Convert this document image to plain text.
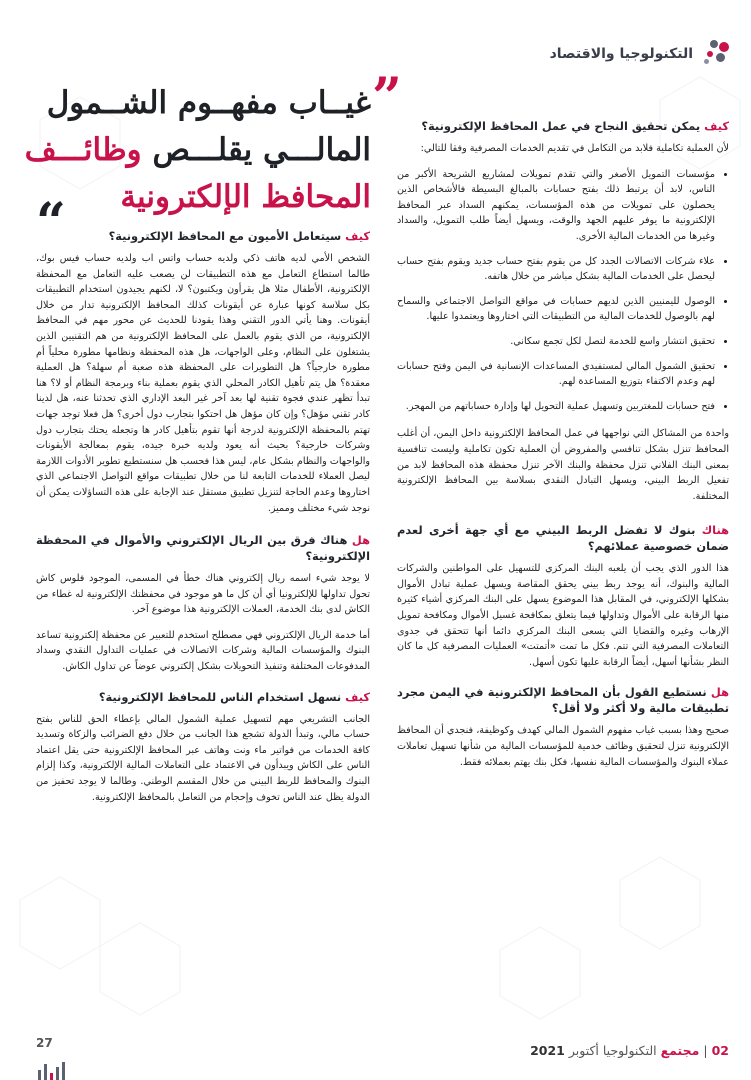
التكنولوجيا والاقتصاد
”
غيــاب مفهــوم الشــمول
المالـــي يقلـــص وظائـــف
المحافظ الإلكترونية
“
كيف يمكن تحقيق النجاح في عمل المحافظ الإلكترونية؟
لأن العملية تكاملية فلابد من التكامل في تقديم الخدمات المصرفية وفقا للتالي:
• مؤسسات التمويل الأصغر والتي تقدم تمويلات لمشاريع الشريحة الأكبر من الناس، لابد أن يرتبط ذلك بفتح حسابات بالمبالغ البسيطة فالأشخاص الذين يحصلون على تمويلات من هذه المؤسسات، يمكنهم السداد عبر المحافظ الإلكترونية ما يوفر عليهم الجهد والوقت، ويسهل أيضاً طلب التمويل، والسداد وغيرها من الخدمات المالية الأخرى.
• علاء شركات الاتصالات الجدد كل من يقوم بفتح حساب جديد ويقوم بفتح حساب ليحصل على الخدمات المالية بشكل مباشر من خلال هاتفه.
• الوصول لليمنيين الذين لديهم حسابات في مواقع التواصل الاجتماعي والسماح لهم بالوصول للخدمات المالية من التطبيقات التي اختاروها ويعتمدوا عليها.
• تحقيق انتشار واسع للخدمة لتصل لكل تجمع سكاني.
• تحقيق الشمول المالي لمستفيدي المساعدات الإنسانية في اليمن وفتح حسابات لهم وعدم الاكتفاء بتوزيع المساعدة لهم.
• فتح حسابات للمغتربين وتسهيل عملية التحويل لها وإدارة حساباتهم من المهجر.
واحدة من المشاكل التي نواجهها في عمل المحافظ الإلكترونية داخل اليمن، أن أغلب المحافظ تنزل بشكل تنافسي والمفروض أن العملية تكون تكاملية وليست تنافسية بمعنى البنك الفلاني تنزل محفظة والبنك الآخر تنزل محفظة هذه المحافظ لابد من تفعيل الربط البيني، ويسهل التبادل النقدي بسلاسة بين المحافظ الإلكترونية المختلفة.
هناك بنوك لا تفضل الربط البيني مع أي جهة أخرى لعدم ضمان خصوصية عملائهم؟
هذا الدور الذي يجب أن يلعبه البنك المركزي للتسهيل على المواطنين والشركات المالية والبنوك، أنه يوجد ربط بيني يحقق المقاصة ويسهل عملية تبادل الأموال بشكلها الإلكتروني، في المقابل هذا الموضوع يسهل على البنك المركزي أشياء كثيرة منها الرقابة على الأموال وتداولها فيما يتعلق بمكافحة غسيل الأموال ومكافحة تمويل الإرهاب وغيره والقضايا التي يسعى البنك المركزي دائما أنها تتحقق في جدوى التعاملات المصرفية التي تتم. فكل ما تمت «أتمتت» العمليات المصرفية كل ما كان النظر بشأنها أسهل، أيضاً الرقابة عليها تكون أسهل.
هل نستطيع القول بأن المحافظ الإلكترونية في اليمن مجرد تطبيقات مالية ولا أكثر ولا أقل؟
صحيح وهذا بسبب غياب مفهوم الشمول المالي كهدف وكوظيفة، فنجدي أن المحافظ الإلكترونية تنزل لتحقيق وظائف خدمية للمؤسسات المالية من شأنها تسهيل تعاملات عملاء البنوك والمؤسسات المالية نفسها، فكل بنك يهتم بعملائه فقط.
كيف سيتعامل الأميون مع المحافظ الإلكترونية؟
الشخص الأمي لديه هاتف ذكي ولديه حساب واتس اب ولديه حساب فيس بوك، طالما استطاع التعامل مع هذه التطبيقات لن يصعب عليه التعامل مع المحفظة الإلكترونية، الأطفال مثلا هل يقرأون ويكتبون؟ لا، لكنهم يجيدون استخدام التطبيقات بكل سلاسة كونها عبارة عن أيقونات كذلك المحافظ الإلكترونية تدار من خلال أيقونات. وهنا يأتي الدور التقني وهذا يقودنا للحديث عن محور مهم في المحافظ الإلكترونية، من الذي يقوم بالعمل على المحافظ الإلكترونية من هم التقنيين الذين يشتغلون على النظام، وعلى الواجهات، هل هذه المحفظة ونظامها مطورة محلياً أم مطورة خارجياً؟ هل التطويرات على المحفظة هذه صعبة أم سهلة؟ هل العملية معقدة؟ هل يتم تأهيل الكادر المحلي الذي يقوم بعملية بناء وبرمجة النظام أو لا؟ هنا تبدأ تظهر عندي فجوة تقنية لها بعد آخر غير البعد الإداري الذي تحدثنا عنه، هل لدينا كادر تقني مؤهل؟ وإن كان مؤهل هل احتكوا بتجارب دول أخرى؟ هل فعلا توجد جهات تهتم بالمحفظة الإلكترونية لدرجة أنها تقوم بتأهيل كادر ها وتجعله يحتك بتجارب دول وشركات خارجية؟ بحيث أنه يعود ولديه خبرة جيده، يقوم بمعالجة الأيقونات والواجهات والنظام بشكل عام، ليس هذا فحسب هل سنستطيع تطوير الأدوات اللازمة ليصل العملاء للخدمات التابعة لنا من خلال تطبيقات مواقع التواصل الاجتماعي الذي اختاروها وعدم الحاجة لتنزيل تطبيق مستقل عند الإجابة على هذه التساؤلات يمكن أن نوجد شيء مختلف ومميز.
هل هناك فرق بين الريال الإلكتروني والأموال في المحفظة الإلكترونية؟
لا يوجد شيء اسمه ريال إلكتروني هناك خطأ في المسمى، الموجود فلوس كاش تحول تداولها للإلكترونيا أي أن كل ما هو موجود في محفظتك الإلكترونية له غطاء من الكاش لدى بنك الخدمة، العملات الإلكترونية هذا موضوع آخر.
أما خدمة الريال الإلكتروني فهي مصطلح استخدم للتعبير عن محفظة إلكترونية تساعد البنوك والمؤسسات المالية وشركات الاتصالات في عمليات التداول النقدي وسداد المدفوعات المختلفة وتنفيذ التحويلات بشكل إلكتروني عوضاً عن تداول الكاش.
كيف نسهل استخدام الناس للمحافظ الإلكترونية؟
الجانب التشريعي مهم لتسهيل عملية الشمول المالي بإعطاء الحق للناس بفتح حساب مالي، وتبدأ الدولة تشجع هذا الجانب من خلال دفع الضرائب والزكاة وتسديد كافة الخدمات من فواتير ماء ونت وهاتف عبر المحافظ الإلكترونية حتى يقل اعتماد الناس على الكاش ويبدأون في الاعتماد على التعاملات المالية الإلكترونية، وكذا إلزام البنوك والمحافظ للربط البيني من خلال المقسم الوطني. وطالما لا يوجد تحفيز من الدولة يظل عند الناس تخوف وإحجام من التعامل بالمحافظ الإلكترونية.
02 | مجتمع التكنولوجيا أكتوبر 2021
27
